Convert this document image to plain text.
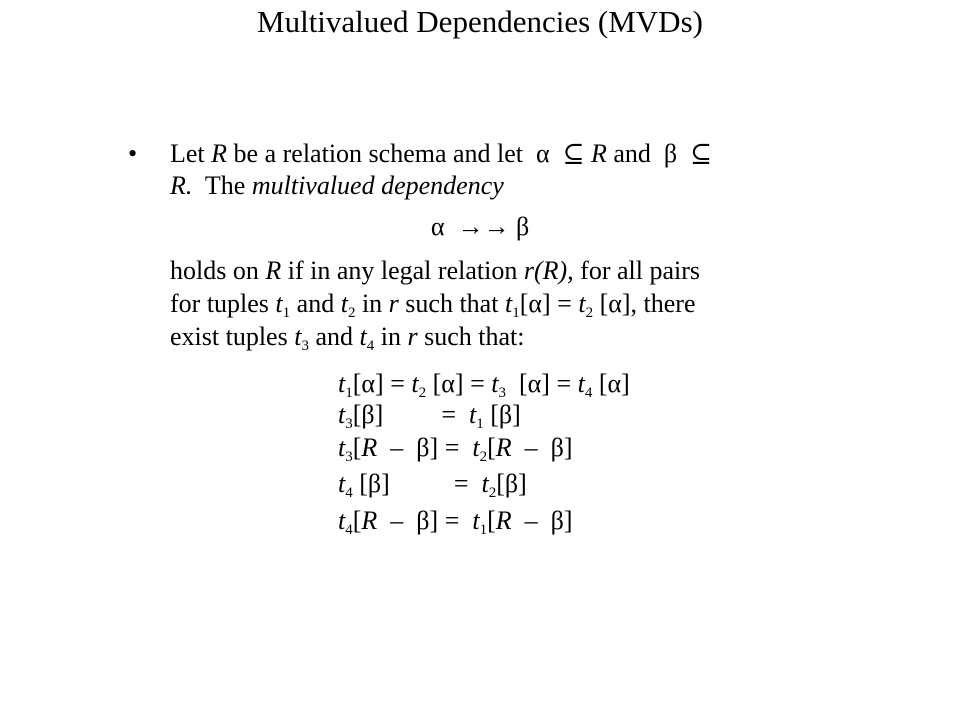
Multivalued Dependencies (MVDs)
• Let R be a relation schema and let α ⊆ R and β ⊆
R. The multivalued dependency
α →→ β
holds on R if in any legal relation r(R), for all pairs
for tuples $t_1$ and $t_2$ in r such that $t_1[\alpha] = t_2$ [α], there
exist tuples $t_3$ and $t_4$ in r such that:
$t_1[\alpha] = t_2$ $[\alpha] = t_3$  $[\alpha] = t_4$ [α]
$t_3[\beta] = t_1$ [β]
$t_3[R - \beta] = t_2[R - \beta]$
$t_4$ $[\beta] = t_2[\beta]$
$t_4[R - \beta] = t_1[R - \beta]$
